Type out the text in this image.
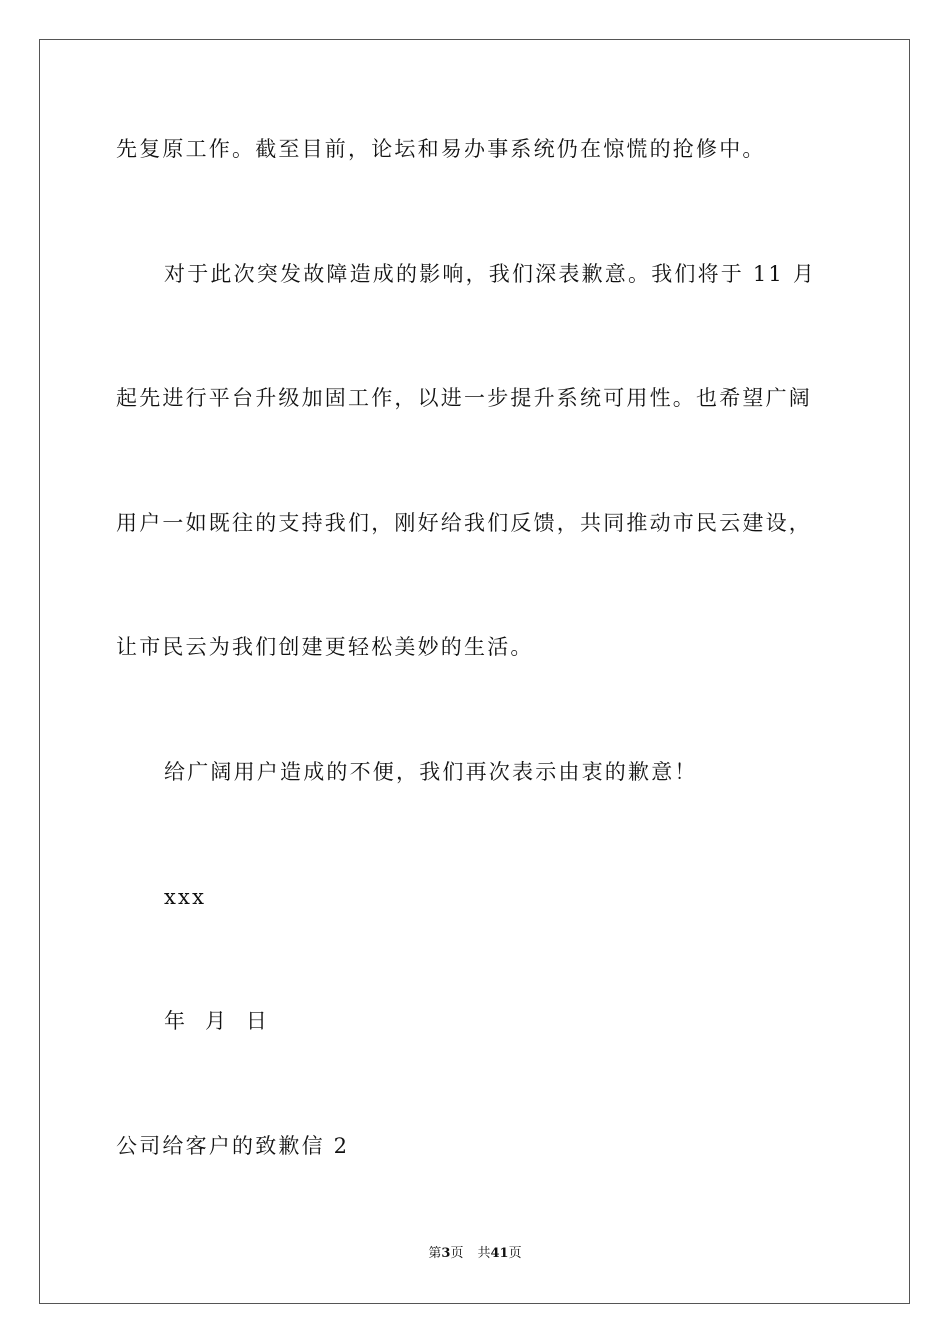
先复原工作。截至目前，论坛和易办事系统仍在惊慌的抢修中。
对于此次突发故障造成的影响，我们深表歉意。我们将于 11 月
起先进行平台升级加固工作，以进一步提升系统可用性。也希望广阔
用户一如既往的支持我们，刚好给我们反馈，共同推动市民云建设，
让市民云为我们创建更轻松美妙的生活。
给广阔用户造成的不便，我们再次表示由衷的歉意！
xxx
年  月  日
公司给客户的致歉信 2
第3页 共41页
